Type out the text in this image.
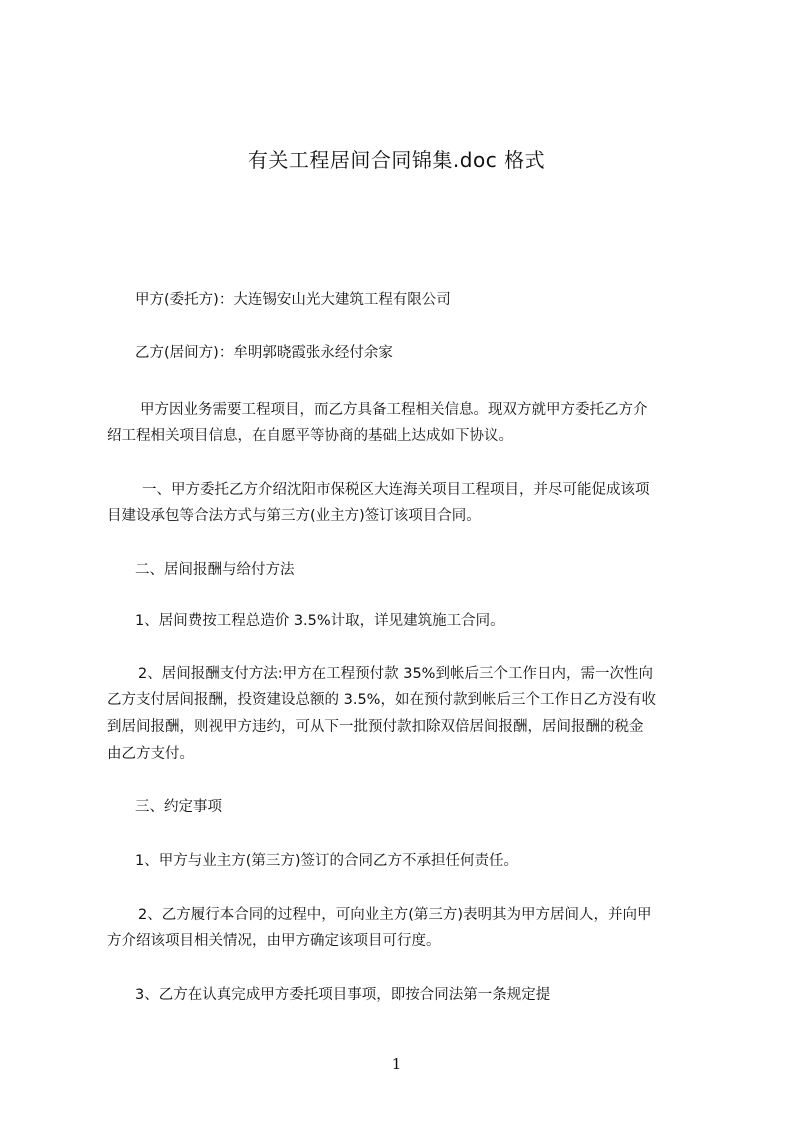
有关工程居间合同锦集.doc 格式
甲方(委托方)：大连锡安山光大建筑工程有限公司
乙方(居间方)：牟明郭晓霞张永经付余家
甲方因业务需要工程项目，而乙方具备工程相关信息。现双方就甲方委托乙方介
绍工程相关项目信息，在自愿平等协商的基础上达成如下协议。
一、甲方委托乙方介绍沈阳市保税区大连海关项目工程项目，并尽可能促成该项
目建设承包等合法方式与第三方(业主方)签订该项目合同。
二、居间报酬与给付方法
1、居间费按工程总造价 3.5%计取，详见建筑施工合同。
2、居间报酬支付方法:甲方在工程预付款 35%到帐后三个工作日内，需一次性向
乙方支付居间报酬，投资建设总额的 3.5%，如在预付款到帐后三个工作日乙方没有收
到居间报酬，则视甲方违约，可从下一批预付款扣除双倍居间报酬，居间报酬的税金
由乙方支付。
三、约定事项
1、甲方与业主方(第三方)签订的合同乙方不承担任何责任。
2、乙方履行本合同的过程中，可向业主方(第三方)表明其为甲方居间人，并向甲
方介绍该项目相关情况，由甲方确定该项目可行度。
3、乙方在认真完成甲方委托项目事项，即按合同法第一条规定提
1
